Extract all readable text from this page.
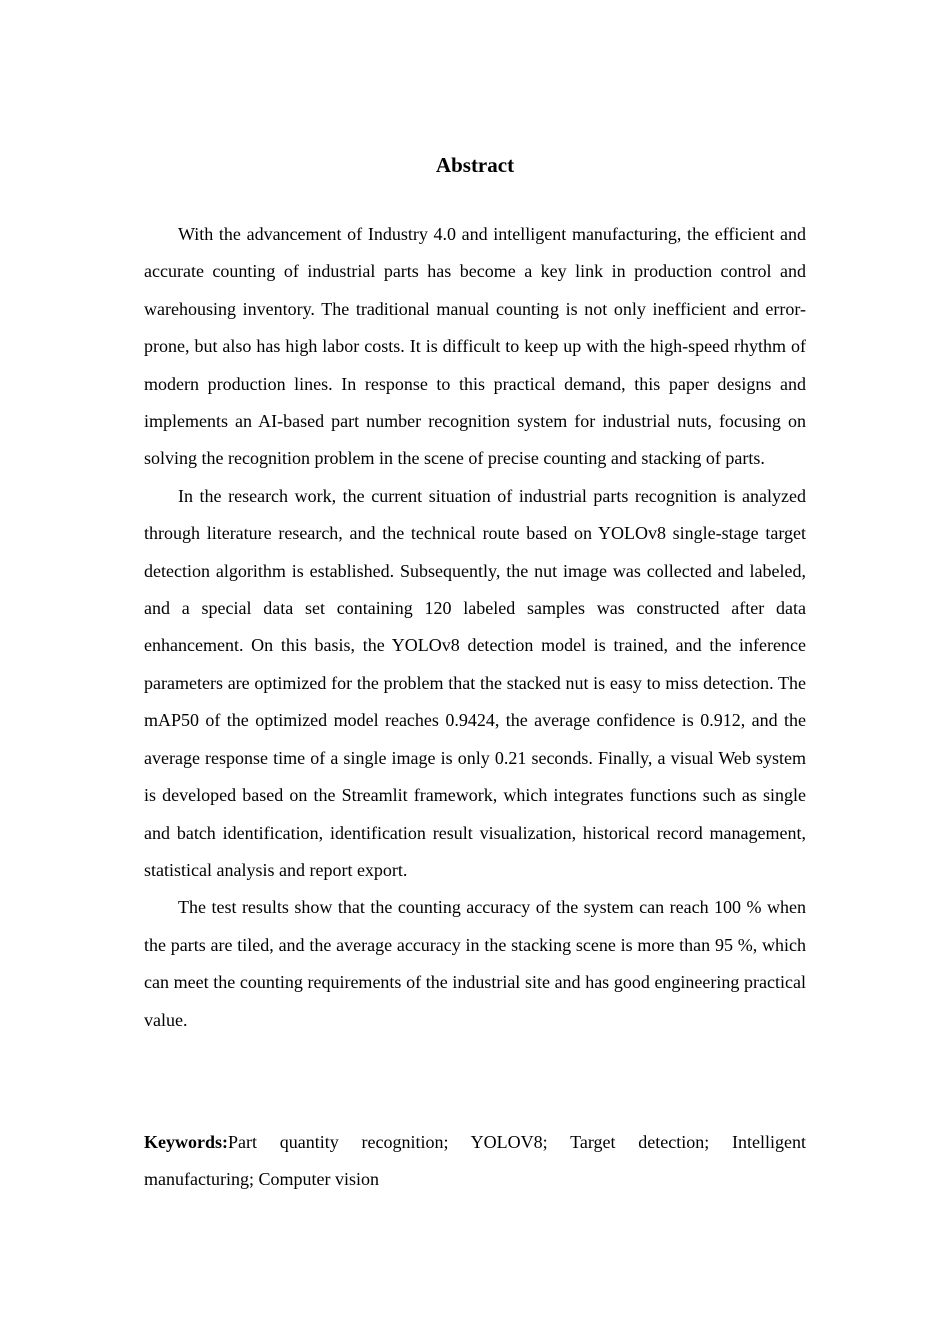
Abstract

With the advancement of Industry 4.0 and intelligent manufacturing, the efficient and accurate counting of industrial parts has become a key link in production control and warehousing inventory. The traditional manual counting is not only inefficient and error-prone, but also has high labor costs. It is difficult to keep up with the high-speed rhythm of modern production lines. In response to this practical demand, this paper designs and implements an AI-based part number recognition system for industrial nuts, focusing on solving the recognition problem in the scene of precise counting and stacking of parts.

In the research work, the current situation of industrial parts recognition is analyzed through literature research, and the technical route based on YOLOv8 single-stage target detection algorithm is established. Subsequently, the nut image was collected and labeled, and a special data set containing 120 labeled samples was constructed after data enhancement. On this basis, the YOLOv8 detection model is trained, and the inference parameters are optimized for the problem that the stacked nut is easy to miss detection. The mAP50 of the optimized model reaches 0.9424, the average confidence is 0.912, and the average response time of a single image is only 0.21 seconds. Finally, a visual Web system is developed based on the Streamlit framework, which integrates functions such as single and batch identification, identification result visualization, historical record management, statistical analysis and report export.

The test results show that the counting accuracy of the system can reach 100 % when the parts are tiled, and the average accuracy in the stacking scene is more than 95 %, which can meet the counting requirements of the industrial site and has good engineering practical value.

Keywords:Part quantity recognition; YOLOV8; Target detection; Intelligent manufacturing; Computer vision
